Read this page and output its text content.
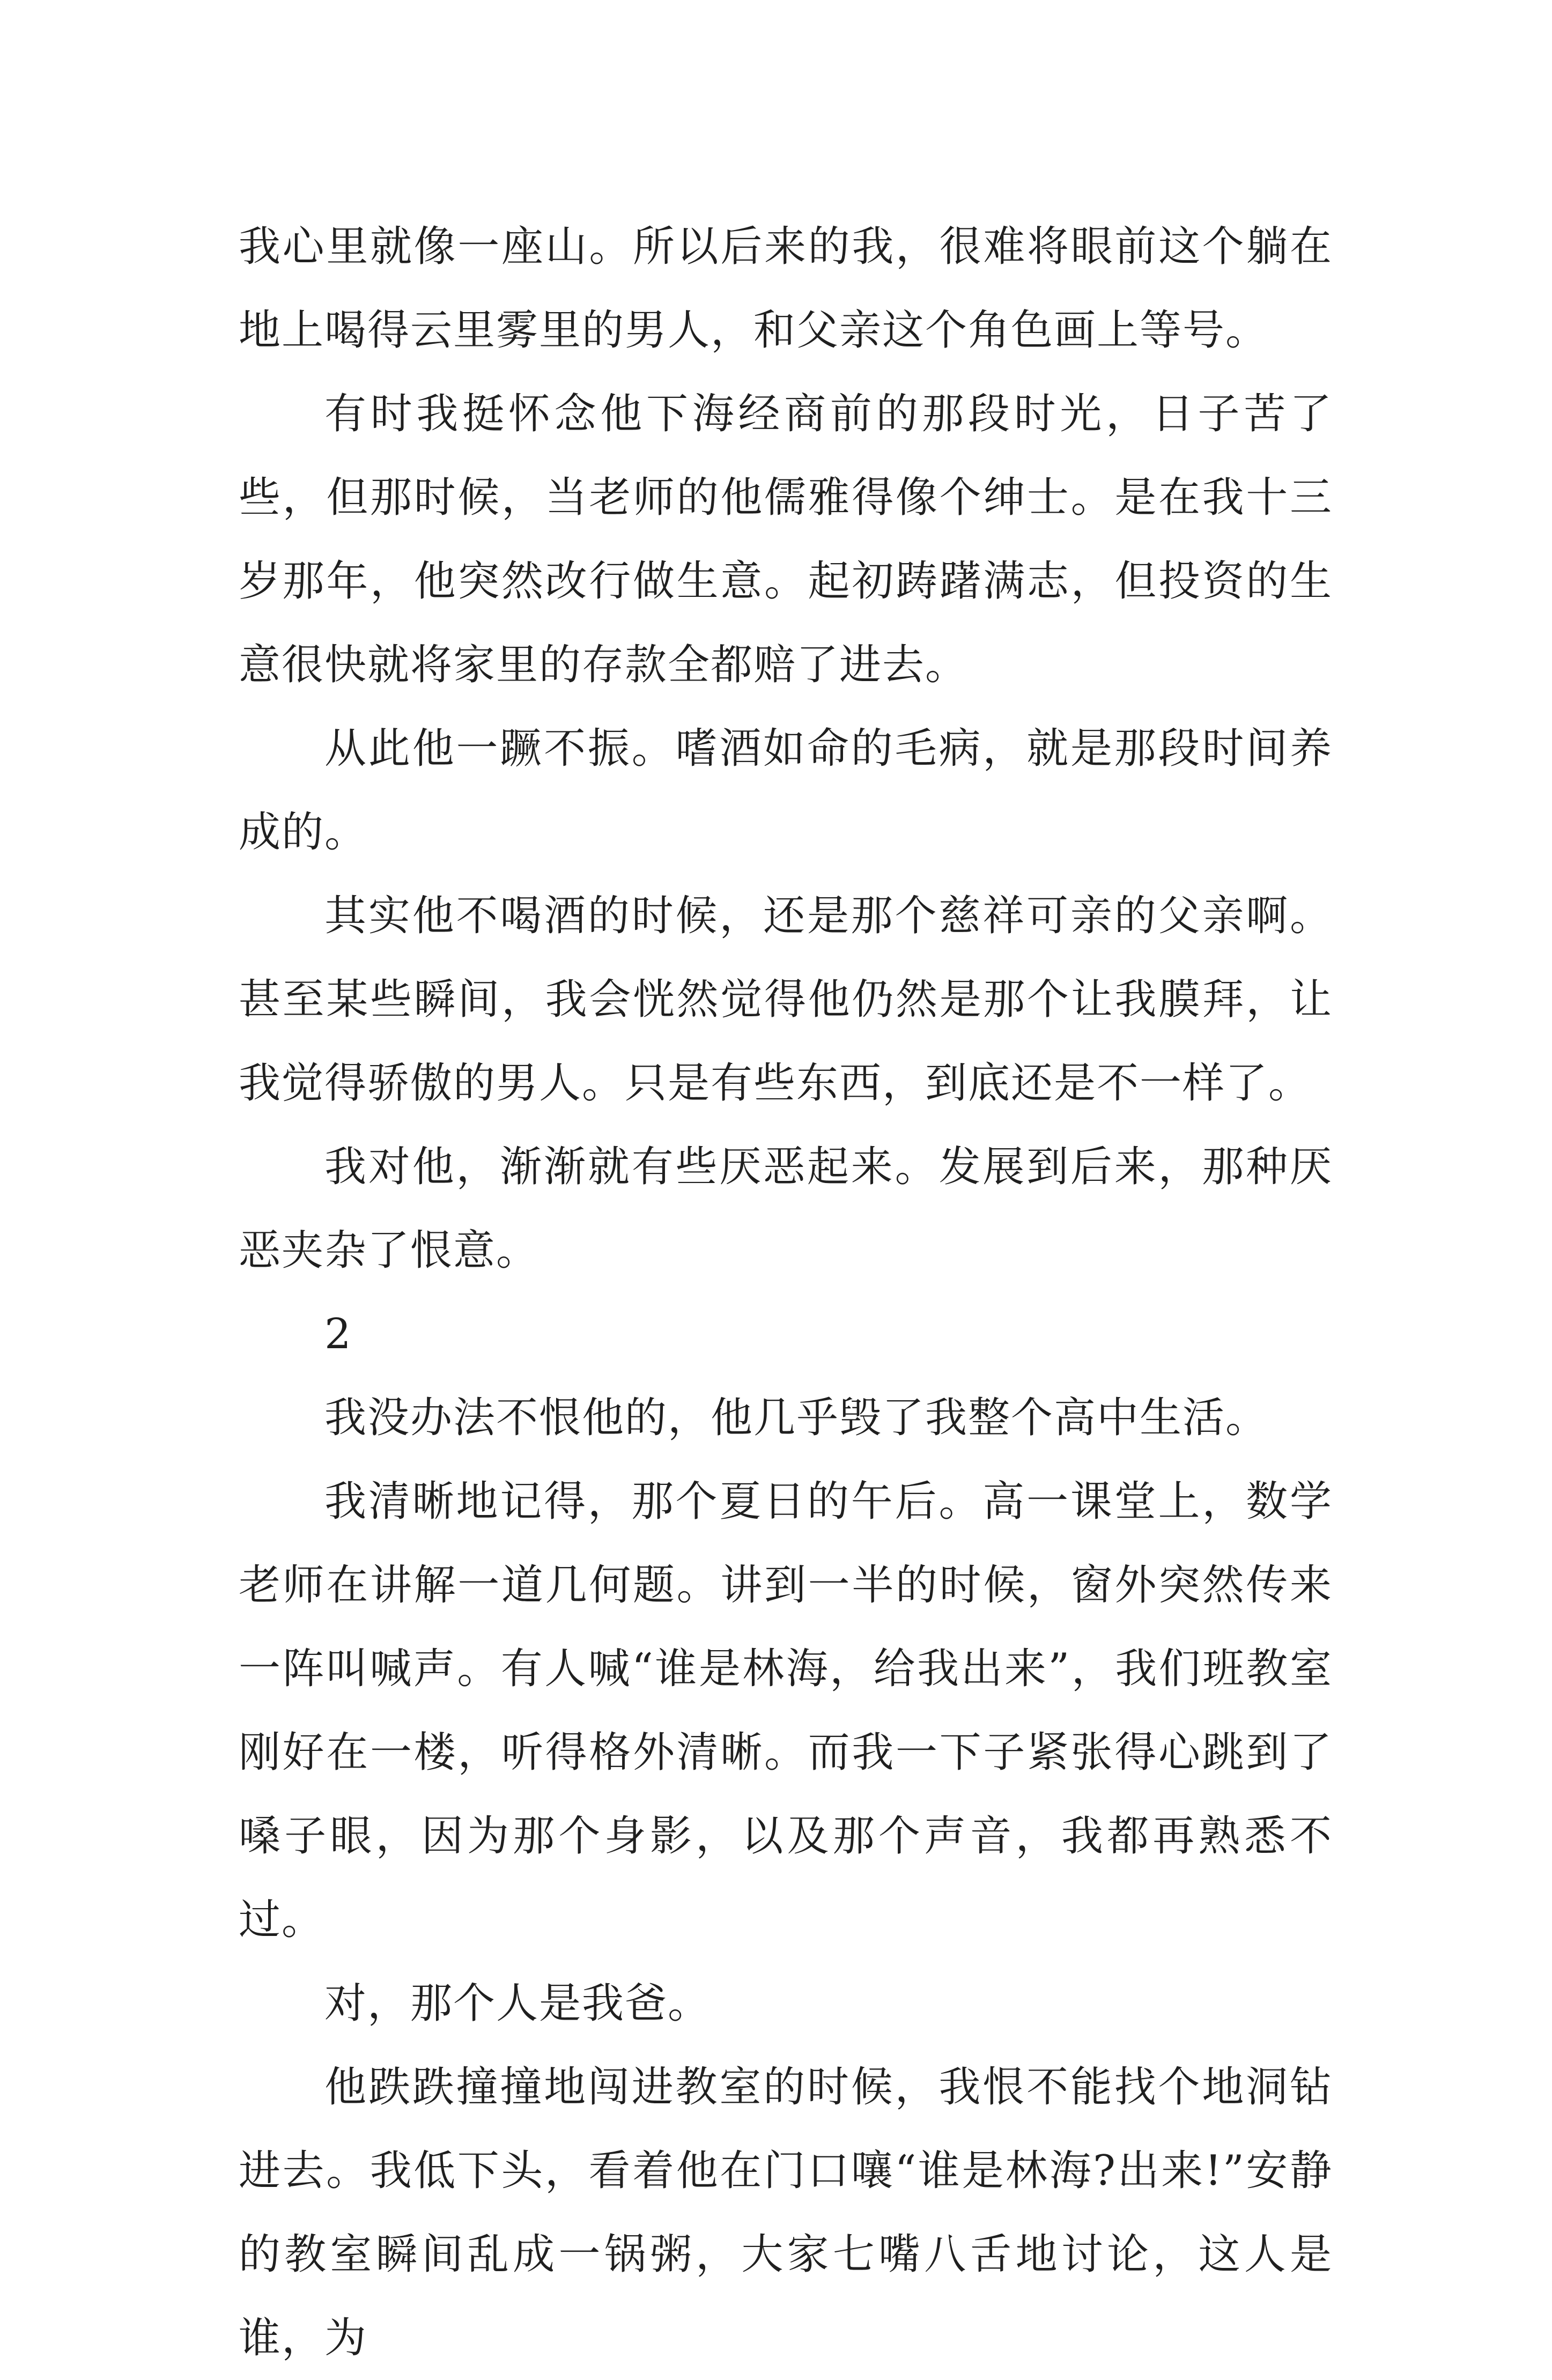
我心里就像一座山。所以后来的我，很难将眼前这个躺在地上喝得云里雾里的男人，和父亲这个角色画上等号。

有时我挺怀念他下海经商前的那段时光，日子苦了些，但那时候，当老师的他儒雅得像个绅士。是在我十三岁那年，他突然改行做生意。起初踌躇满志，但投资的生意很快就将家里的存款全都赔了进去。

从此他一蹶不振。嗜酒如命的毛病，就是那段时间养成的。

其实他不喝酒的时候，还是那个慈祥可亲的父亲啊。甚至某些瞬间，我会恍然觉得他仍然是那个让我膜拜，让我觉得骄傲的男人。只是有些东西，到底还是不一样了。

我对他，渐渐就有些厌恶起来。发展到后来，那种厌恶夹杂了恨意。

2

我没办法不恨他的，他几乎毁了我整个高中生活。

我清晰地记得，那个夏日的午后。高一课堂上，数学老师在讲解一道几何题。讲到一半的时候，窗外突然传来一阵叫喊声。有人喊“谁是林海，给我出来”，我们班教室刚好在一楼，听得格外清晰。而我一下子紧张得心跳到了嗓子眼，因为那个身影，以及那个声音，我都再熟悉不过。

对，那个人是我爸。

他跌跌撞撞地闯进教室的时候，我恨不能找个地洞钻进去。我低下头，看着他在门口嚷“谁是林海?出来!”安静的教室瞬间乱成一锅粥，大家七嘴八舌地讨论，这人是谁，为
